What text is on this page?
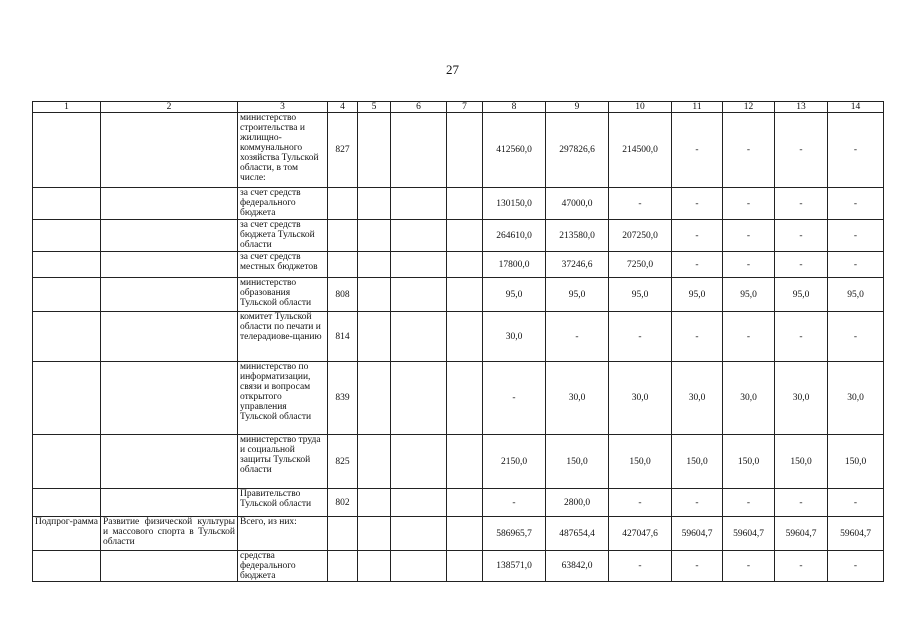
27
1	2	3	4	5	6	7	8	9	10	11	12	13	14
		министерство строительства и жилищно-коммунального хозяйства Тульской области, в том числе:	827				412560,0	297826,6	214500,0	-	-	-	-
		за счет средств федерального бюджета					130150,0	47000,0	-	-	-	-	-
		за счет средств бюджета Тульской области					264610,0	213580,0	207250,0	-	-	-	-
		за счет средств местных бюджетов					17800,0	37246,6	7250,0	-	-	-	-
		министерство образования Тульской области	808				95,0	95,0	95,0	95,0	95,0	95,0	95,0
		комитет Тульской области по печати и телерадиове-щанию	814				30,0	-	-	-	-	-	-
		министерство по информатизации, связи и вопросам открытого управления Тульской области	839				-	30,0	30,0	30,0	30,0	30,0	30,0
		министерство труда и социальной защиты Тульской области	825				2150,0	150,0	150,0	150,0	150,0	150,0	150,0
		Правительство Тульской области	802				-	2800,0	-	-	-	-	-
Подпрог-рамма	Развитие физической культуры и массового спорта в Тульской области	Всего, из них:					586965,7	487654,4	427047,6	59604,7	59604,7	59604,7	59604,7
		средства федерального бюджета					138571,0	63842,0	-	-	-	-	-
